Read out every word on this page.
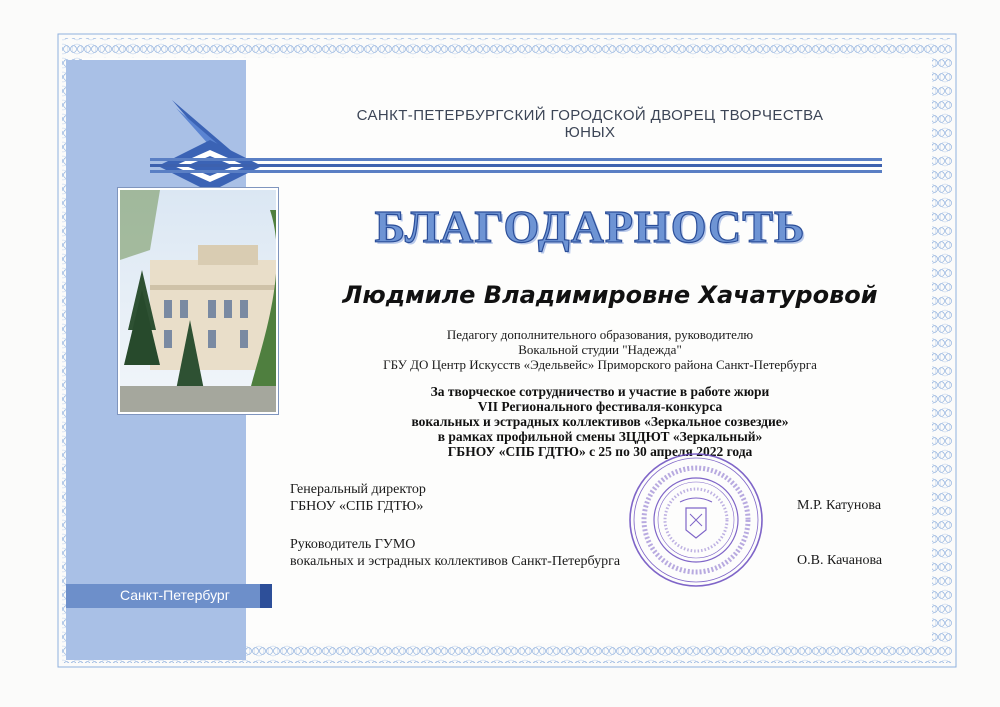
САНКТ-ПЕТЕРБУРГСКИЙ ГОРОДСКОЙ ДВОРЕЦ ТВОРЧЕСТВА ЮНЫХ
БЛАГОДАРНОСТЬ
Людмиле Владимировне Хачатуровой
Педагогу дополнительного образования, руководителю
Вокальной студии "Надежда"
ГБУ ДО Центр Искусств «Эдельвейс» Приморского района Санкт-Петербурга
За творческое сотрудничество и участие в работе жюри
VII Регионального фестиваля-конкурса
вокальных и эстрадных коллективов «Зеркальное созвездие»
в рамках профильной смены ЗЦДЮТ «Зеркальный»
ГБНОУ «СПБ ГДТЮ» с 25 по 30 апреля 2022 года
Генеральный директор
ГБНОУ «СПБ ГДТЮ»	М.Р. Катунова
Руководитель ГУМО
вокальных и эстрадных коллективов Санкт-Петербурга	О.В. Качанова
Санкт-Петербург
